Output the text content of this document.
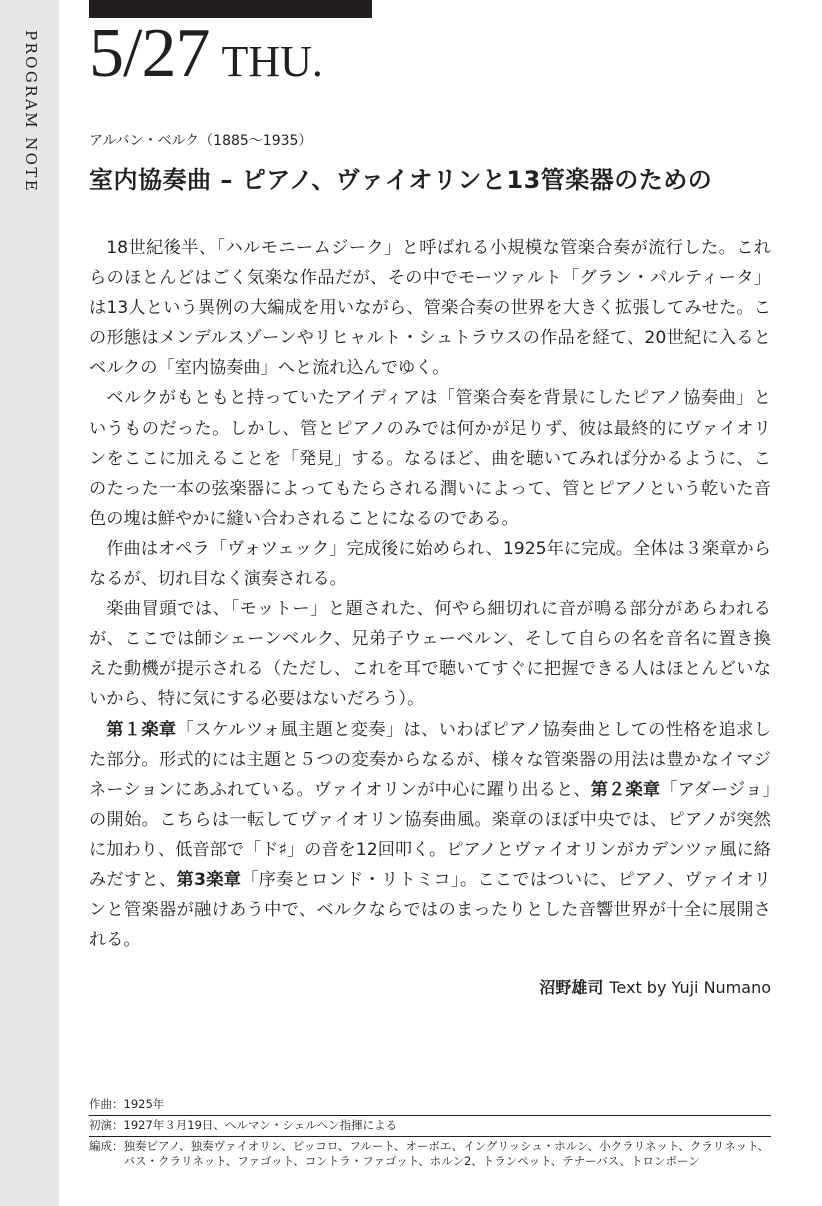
PROGRAM NOTE 5/27 THU.
アルバン・ベルク（1885〜1935）
室内協奏曲 – ピアノ、ヴァイオリンと13管楽器のための

18世紀後半、「ハルモニームジーク」と呼ばれる小規模な管楽合奏が流行した。これらのほとんどはごく気楽な作品だが、その中でモーツァルト「グラン・パルティータ」は13人という異例の大編成を用いながら、管楽合奏の世界を大きく拡張してみせた。この形態はメンデルスゾーンやリヒャルト・シュトラウスの作品を経て、20世紀に入るとベルクの「室内協奏曲」へと流れ込んでゆく。

ベルクがもともと持っていたアイディアは「管楽合奏を背景にしたピアノ協奏曲」というものだった。しかし、管とピアノのみでは何かが足りず、彼は最終的にヴァイオリンをここに加えることを「発見」する。なるほど、曲を聴いてみれば分かるように、このたった一本の弦楽器によってもたらされる潤いによって、管とピアノという乾いた音色の塊は鮮やかに縫い合わされることになるのである。

作曲はオペラ「ヴォツェック」完成後に始められ、1925年に完成。全体は３楽章からなるが、切れ目なく演奏される。

楽曲冒頭では、「モットー」と題された、何やら細切れに音が鳴る部分があらわれるが、ここでは師シェーンベルク、兄弟子ウェーベルン、そして自らの名を音名に置き換えた動機が提示される（ただし、これを耳で聴いてすぐに把握できる人はほとんどいないから、特に気にする必要はないだろう）。

第１楽章「スケルツォ風主題と変奏」は、いわばピアノ協奏曲としての性格を追求した部分。形式的には主題と５つの変奏からなるが、様々な管楽器の用法は豊かなイマジネーションにあふれている。ヴァイオリンが中心に躍り出ると、第２楽章「アダージョ」の開始。こちらは一転してヴァイオリン協奏曲風。楽章のほぼ中央では、ピアノが突然に加わり、低音部で「ド♯」の音を12回叩く。ピアノとヴァイオリンがカデンツァ風に絡みだすと、第3楽章「序奏とロンド・リトミコ」。ここではついに、ピアノ、ヴァイオリンと管楽器が融けあう中で、ベルクならではのまったりとした音響世界が十全に展開される。

沼野雄司 Text by Yuji Numano
作曲： 1925年
初演： 1927年３月19日、ヘルマン・シェルヘン指揮による
編成： 独奏ピアノ、独奏ヴァイオリン、ピッコロ、フルート、オーボエ、イングリッシュ・ホルン、小クラリネット、クラリネット、バス・クラリネット、ファゴット、コントラ・ファゴット、ホルン2、トランペット、テナーバス、トロンボーン
